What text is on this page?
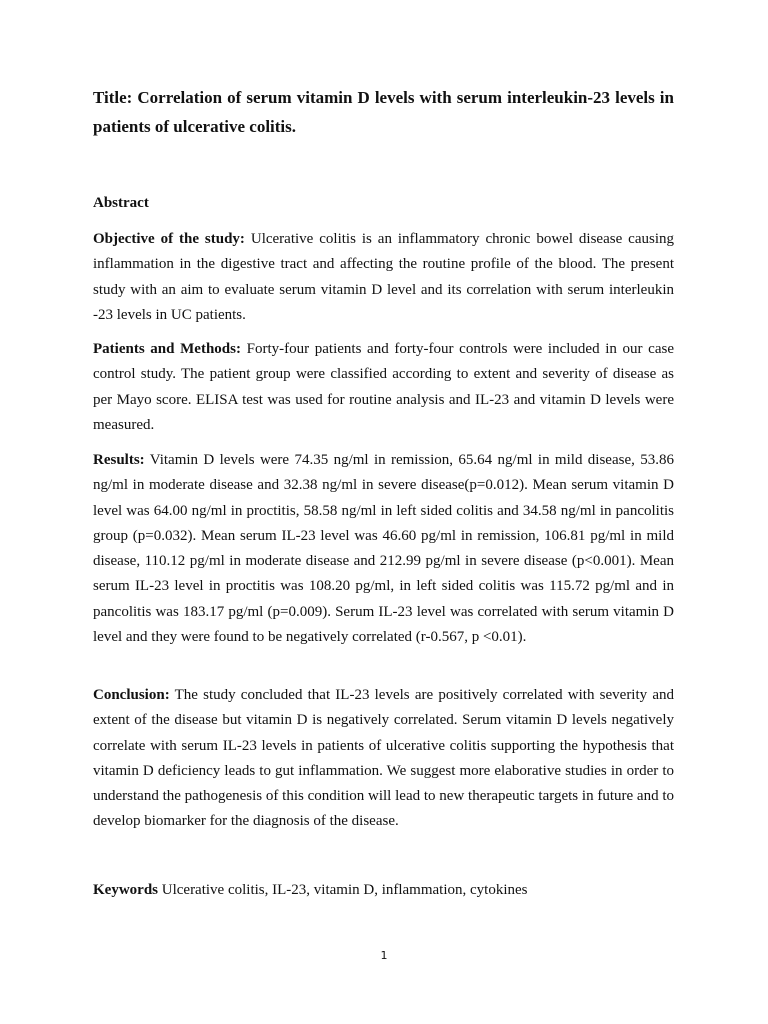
Title: Correlation of serum vitamin D levels with serum interleukin-23 levels in patients of ulcerative colitis.
Abstract

Objective of the study: Ulcerative colitis is an inflammatory chronic bowel disease causing inflammation in the digestive tract and affecting the routine profile of the blood. The present study with an aim to evaluate serum vitamin D level and its correlation with serum interleukin -23 levels in UC patients.

Patients and Methods: Forty-four patients and forty-four controls were included in our case control study. The patient group were classified according to extent and severity of disease as per Mayo score. ELISA test was used for routine analysis and IL-23 and vitamin D levels were measured.

Results: Vitamin D levels were 74.35 ng/ml in remission, 65.64 ng/ml in mild disease, 53.86 ng/ml in moderate disease and 32.38 ng/ml in severe disease(p=0.012). Mean serum vitamin D level was 64.00 ng/ml in proctitis, 58.58 ng/ml in left sided colitis and 34.58 ng/ml in pancolitis group (p=0.032). Mean serum IL-23 level was 46.60 pg/ml in remission, 106.81 pg/ml in mild disease, 110.12 pg/ml in moderate disease and 212.99 pg/ml in severe disease (p<0.001). Mean serum IL-23 level in proctitis was 108.20 pg/ml, in left sided colitis was 115.72 pg/ml and in pancolitis was 183.17 pg/ml (p=0.009). Serum IL-23 level was correlated with serum vitamin D level and they were found to be negatively correlated (r-0.567, p <0.01).

Conclusion: The study concluded that IL-23 levels are positively correlated with severity and extent of the disease but vitamin D is negatively correlated. Serum vitamin D levels negatively correlate with serum IL-23 levels in patients of ulcerative colitis supporting the hypothesis that vitamin D deficiency leads to gut inflammation. We suggest more elaborative studies in order to understand the pathogenesis of this condition will lead to new therapeutic targets in future and to develop biomarker for the diagnosis of the disease.

Keywords Ulcerative colitis, IL-23, vitamin D, inflammation, cytokines
1
